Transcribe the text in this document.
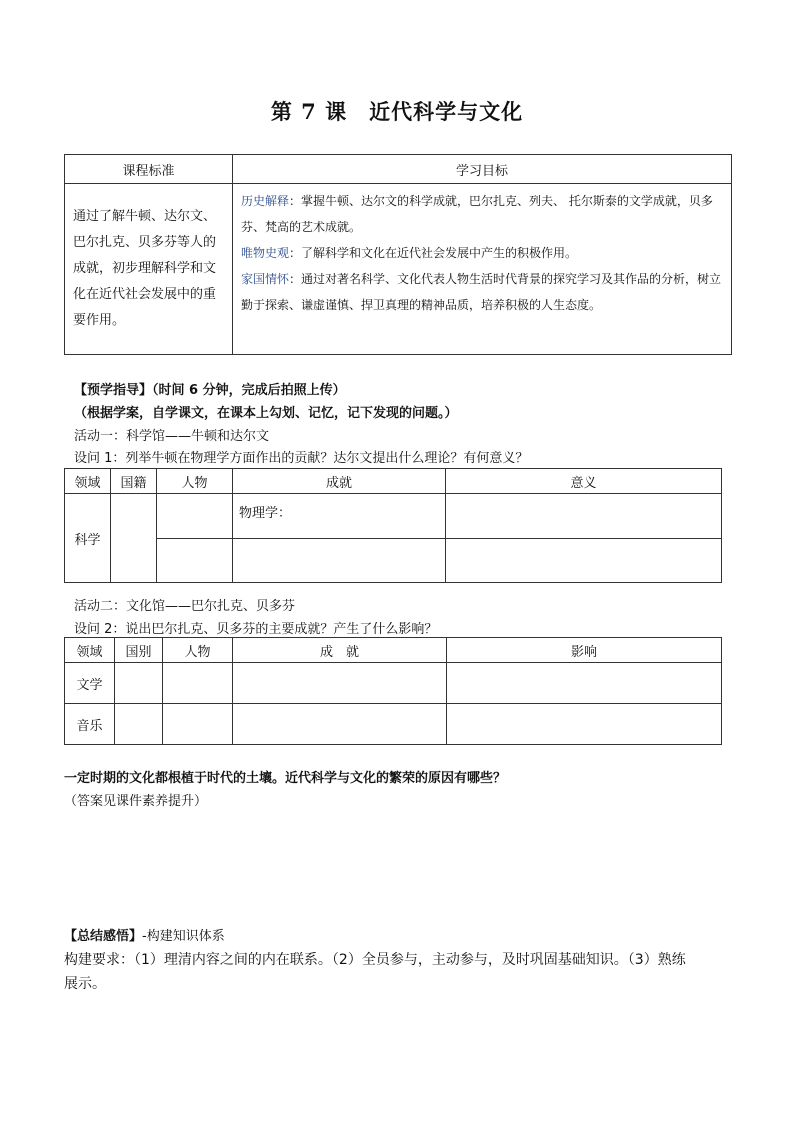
第 7 课　近代科学与文化
课程标准	学习目标
通过了解牛顿、达尔文、巴尔扎克、贝多芬等人的成就，初步理解科学和文化在近代社会发展中的重要作用。	历史解释：掌握牛顿、达尔文的科学成就，巴尔扎克、列夫、 托尔斯泰的文学成就，贝多芬、梵高的艺术成就。
唯物史观：了解科学和文化在近代社会发展中产生的积极作用。
家国情怀：通过对著名科学、文化代表人物生活时代背景的探究学习及其作品的分析，树立勤于探索、谦虚谨慎、捍卫真理的精神品质，培养积极的人生态度。
【预学指导】（时间 6 分钟，完成后拍照上传）
（根据学案，自学课文，在课本上勾划、记忆，记下发现的问题。）
活动一：科学馆——牛顿和达尔文
设问 1：列举牛顿在物理学方面作出的贡献？达尔文提出什么理论？有何意义？
领域	国籍	人物	成就	意义
科学			物理学：	

活动二：文化馆——巴尔扎克、贝多芬
设问 2：说出巴尔扎克、贝多芬的主要成就？产生了什么影响？
领域	国别	人物	成　就	影响
文学				
音乐				
一定时期的文化都根植于时代的土壤。近代科学与文化的繁荣的原因有哪些？
（答案见课件素养提升）
【总结感悟】-构建知识体系
构建要求：（1）理清内容之间的内在联系。（2）全员参与，主动参与，及时巩固基础知识。（3）熟练
展示。
